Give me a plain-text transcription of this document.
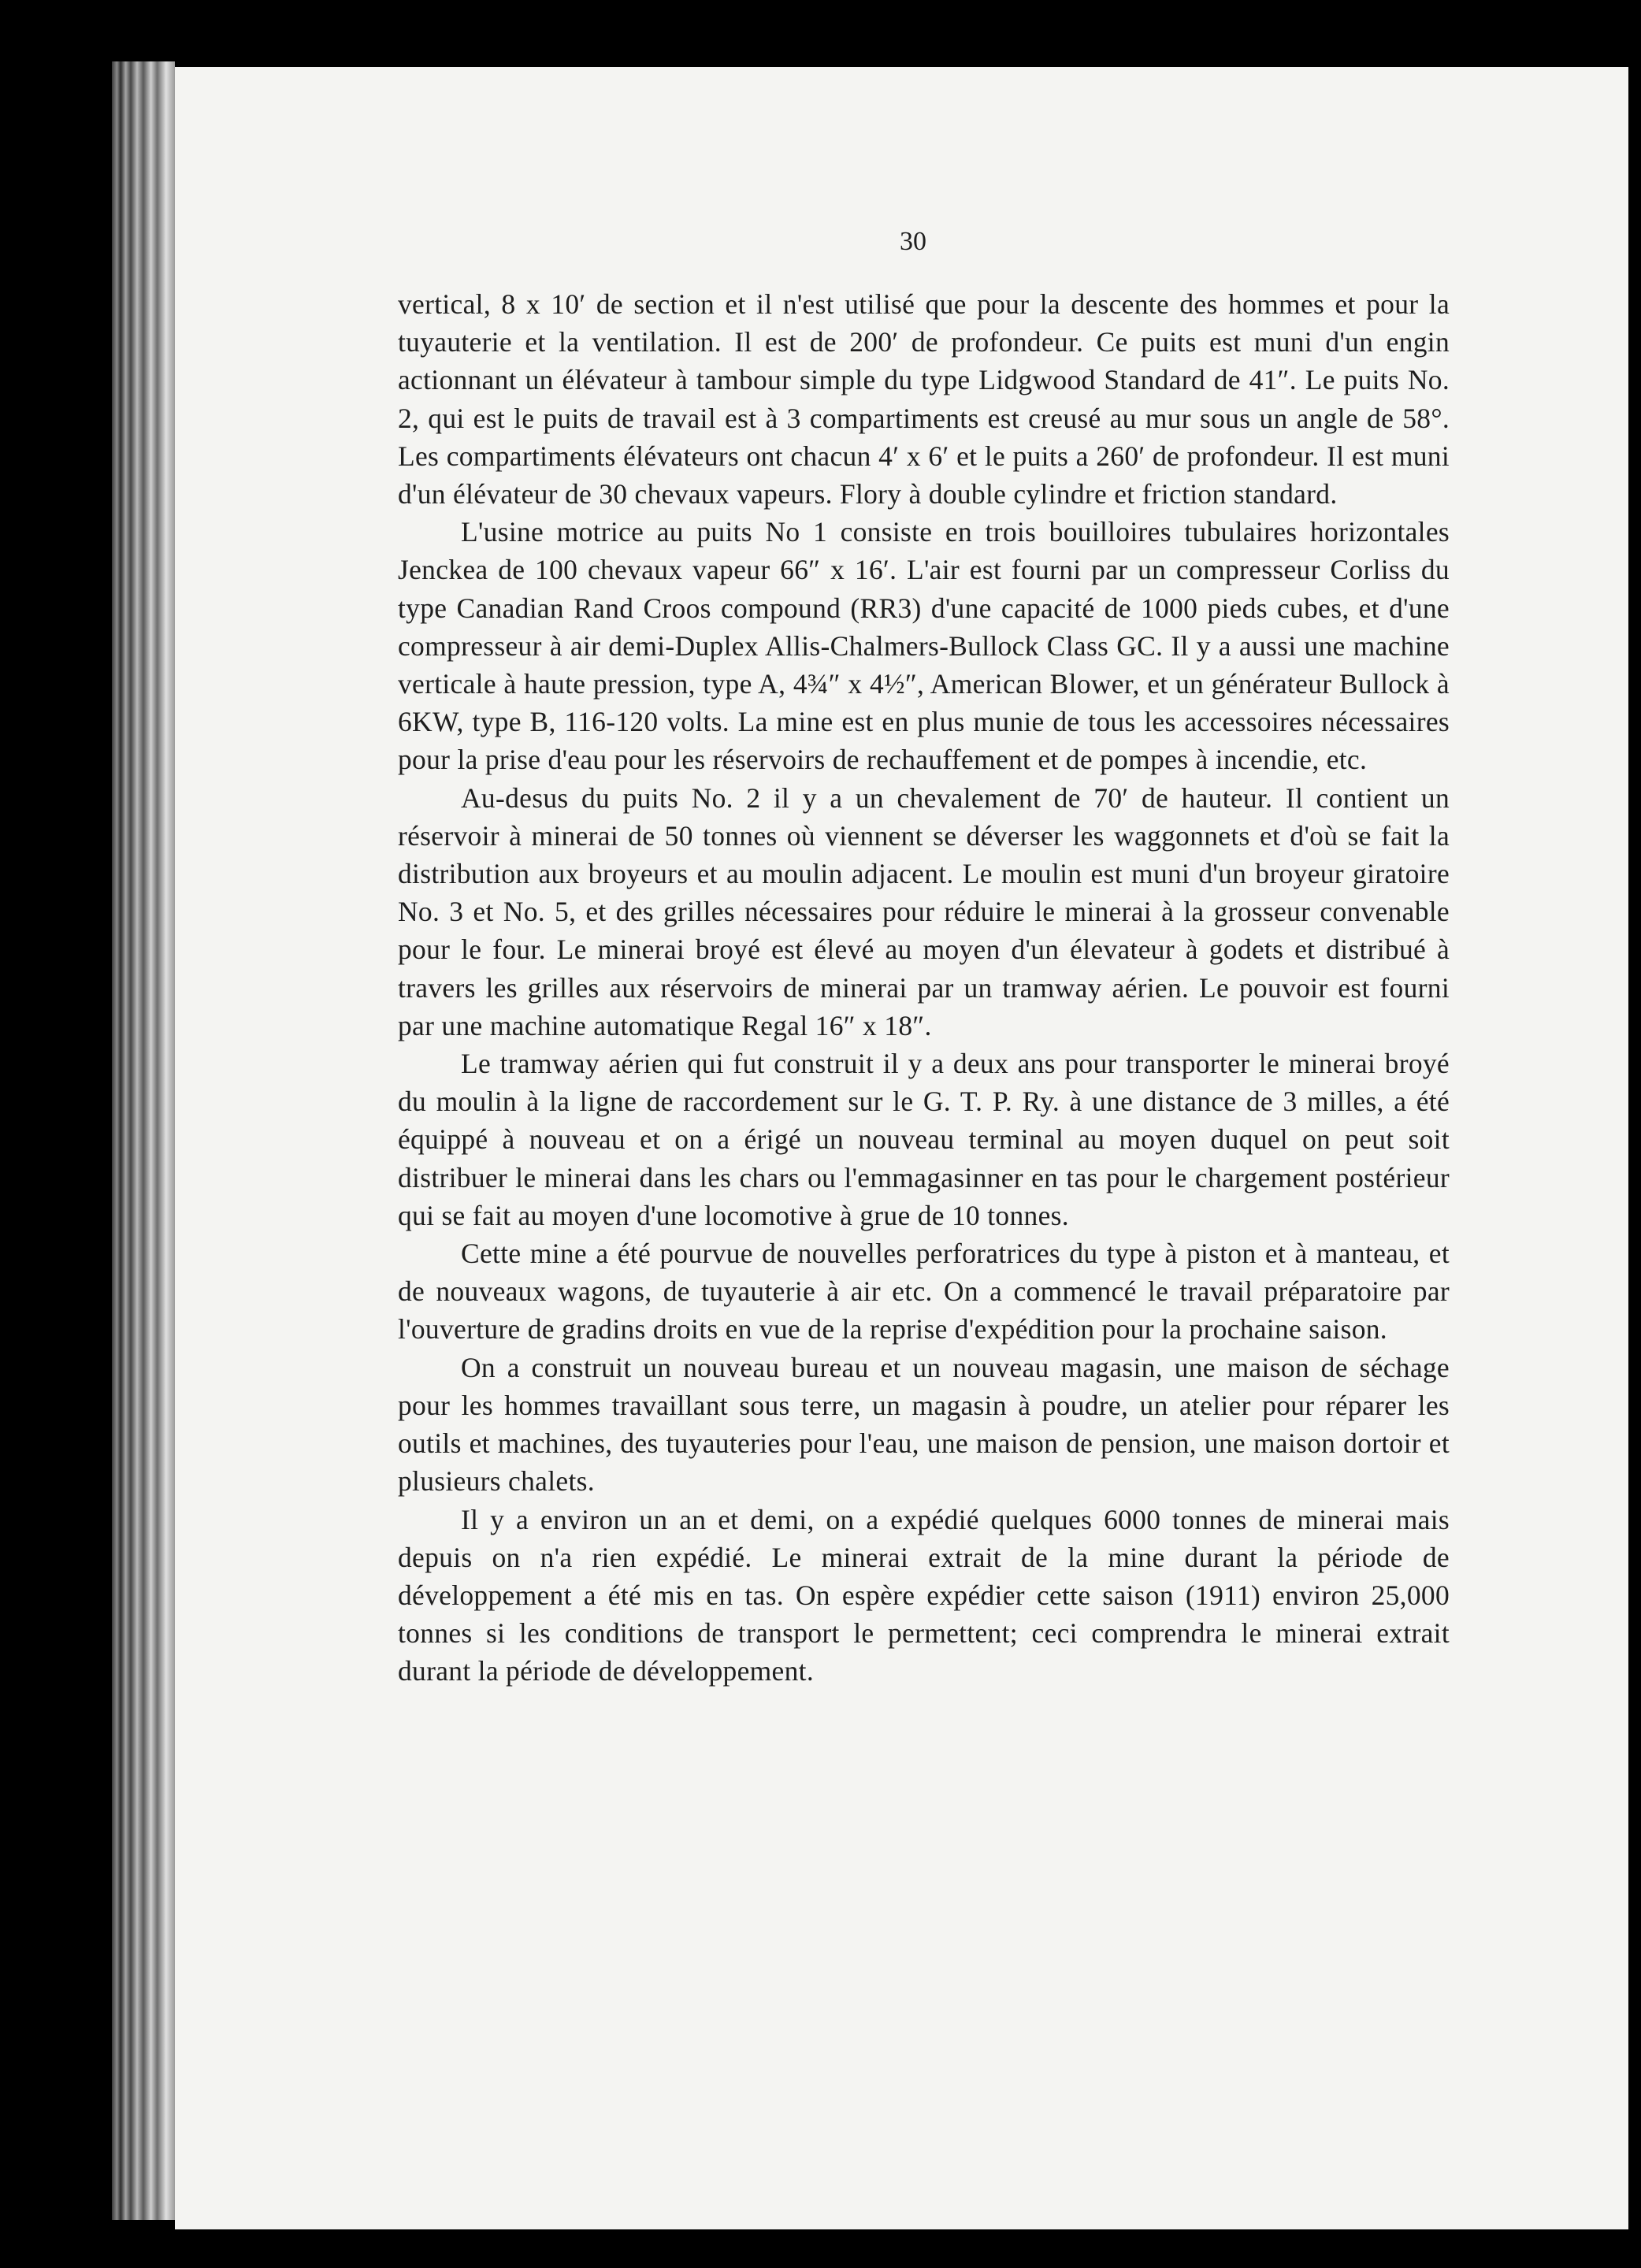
30

vertical, 8 x 10′ de section et il n'est utilisé que pour la descente des hommes et pour la tuyauterie et la ventilation. Il est de 200′ de profondeur. Ce puits est muni d'un engin actionnant un élévateur à tambour simple du type Lidgwood Standard de 41″. Le puits No. 2, qui est le puits de travail est à 3 compartiments est creusé au mur sous un angle de 58°. Les compartiments élévateurs ont chacun 4′ x 6′ et le puits a 260′ de profondeur. Il est muni d'un élévateur de 30 chevaux vapeurs. Flory à double cylindre et friction standard.

L'usine motrice au puits No 1 consiste en trois bouilloires tubulaires horizontales Jenckea de 100 chevaux vapeur 66″ x 16′. L'air est fourni par un compresseur Corliss du type Canadian Rand Croos compound (RR3) d'une capacité de 1000 pieds cubes, et d'une compresseur à air demi-Duplex Allis-Chalmers-Bullock Class GC. Il y a aussi une machine verticale à haute pression, type A, 4¾″ x 4½″, American Blower, et un générateur Bullock à 6KW, type B, 116-120 volts. La mine est en plus munie de tous les accessoires nécessaires pour la prise d'eau pour les réservoirs de rechauffement et de pompes à incendie, etc.

Au-desus du puits No. 2 il y a un chevalement de 70′ de hauteur. Il contient un réservoir à minerai de 50 tonnes où viennent se déverser les waggonnets et d'où se fait la distribution aux broyeurs et au moulin adjacent. Le moulin est muni d'un broyeur giratoire No. 3 et No. 5, et des grilles nécessaires pour réduire le minerai à la grosseur convenable pour le four. Le minerai broyé est élevé au moyen d'un élevateur à godets et distribué à travers les grilles aux réservoirs de minerai par un tramway aérien. Le pouvoir est fourni par une machine automatique Regal 16″ x 18″.

Le tramway aérien qui fut construit il y a deux ans pour transporter le minerai broyé du moulin à la ligne de raccordement sur le G. T. P. Ry. à une distance de 3 milles, a été équippé à nouveau et on a érigé un nouveau terminal au moyen duquel on peut soit distribuer le minerai dans les chars ou l'emmagasinner en tas pour le chargement postérieur qui se fait au moyen d'une locomotive à grue de 10 tonnes.

Cette mine a été pourvue de nouvelles perforatrices du type à piston et à manteau, et de nouveaux wagons, de tuyauterie à air etc. On a commencé le travail préparatoire par l'ouverture de gradins droits en vue de la reprise d'expédition pour la prochaine saison.

On a construit un nouveau bureau et un nouveau magasin, une maison de séchage pour les hommes travaillant sous terre, un magasin à poudre, un atelier pour réparer les outils et machines, des tuyauteries pour l'eau, une maison de pension, une maison dortoir et plusieurs chalets.

Il y a environ un an et demi, on a expédié quelques 6000 tonnes de minerai mais depuis on n'a rien expédié. Le minerai extrait de la mine durant la période de développement a été mis en tas. On espère expédier cette saison (1911) environ 25,000 tonnes si les conditions de transport le permettent; ceci comprendra le minerai extrait durant la période de développement.
